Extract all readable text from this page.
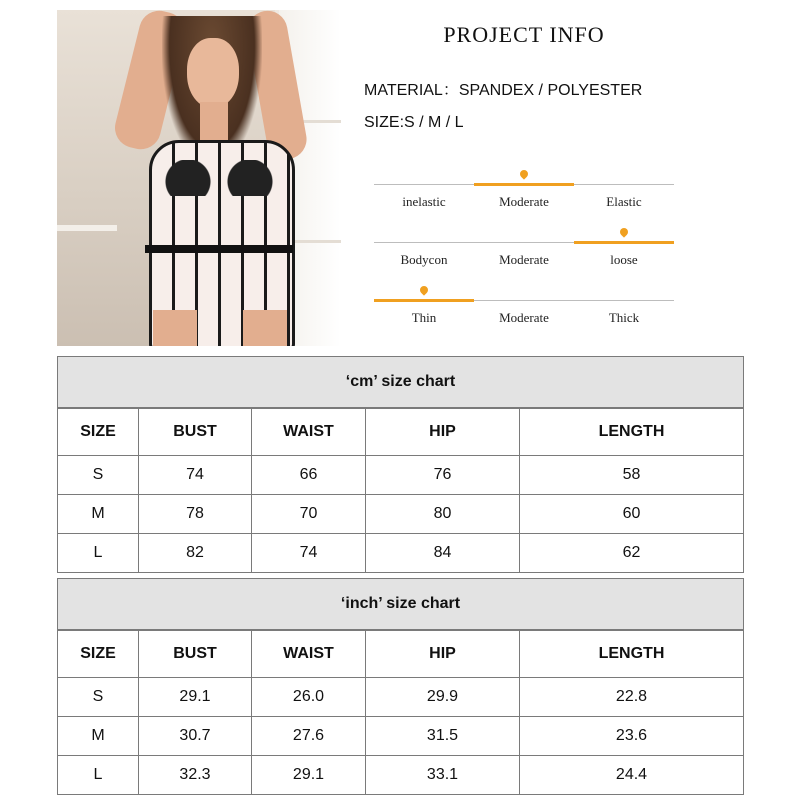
PROJECT INFO
MATERIAL：SPANDEX / POLYESTER
SIZE:S / M / L
inelastic	Moderate	Elastic
Bodycon	Moderate	loose
Thin	Moderate	Thick
‘cm’ size chart
SIZE	BUST	WAIST	HIP	LENGTH
S	74	66	76	58
M	78	70	80	60
L	82	74	84	62
‘inch’ size chart
SIZE	BUST	WAIST	HIP	LENGTH
S	29.1	26.0	29.9	22.8
M	30.7	27.6	31.5	23.6
L	32.3	29.1	33.1	24.4
